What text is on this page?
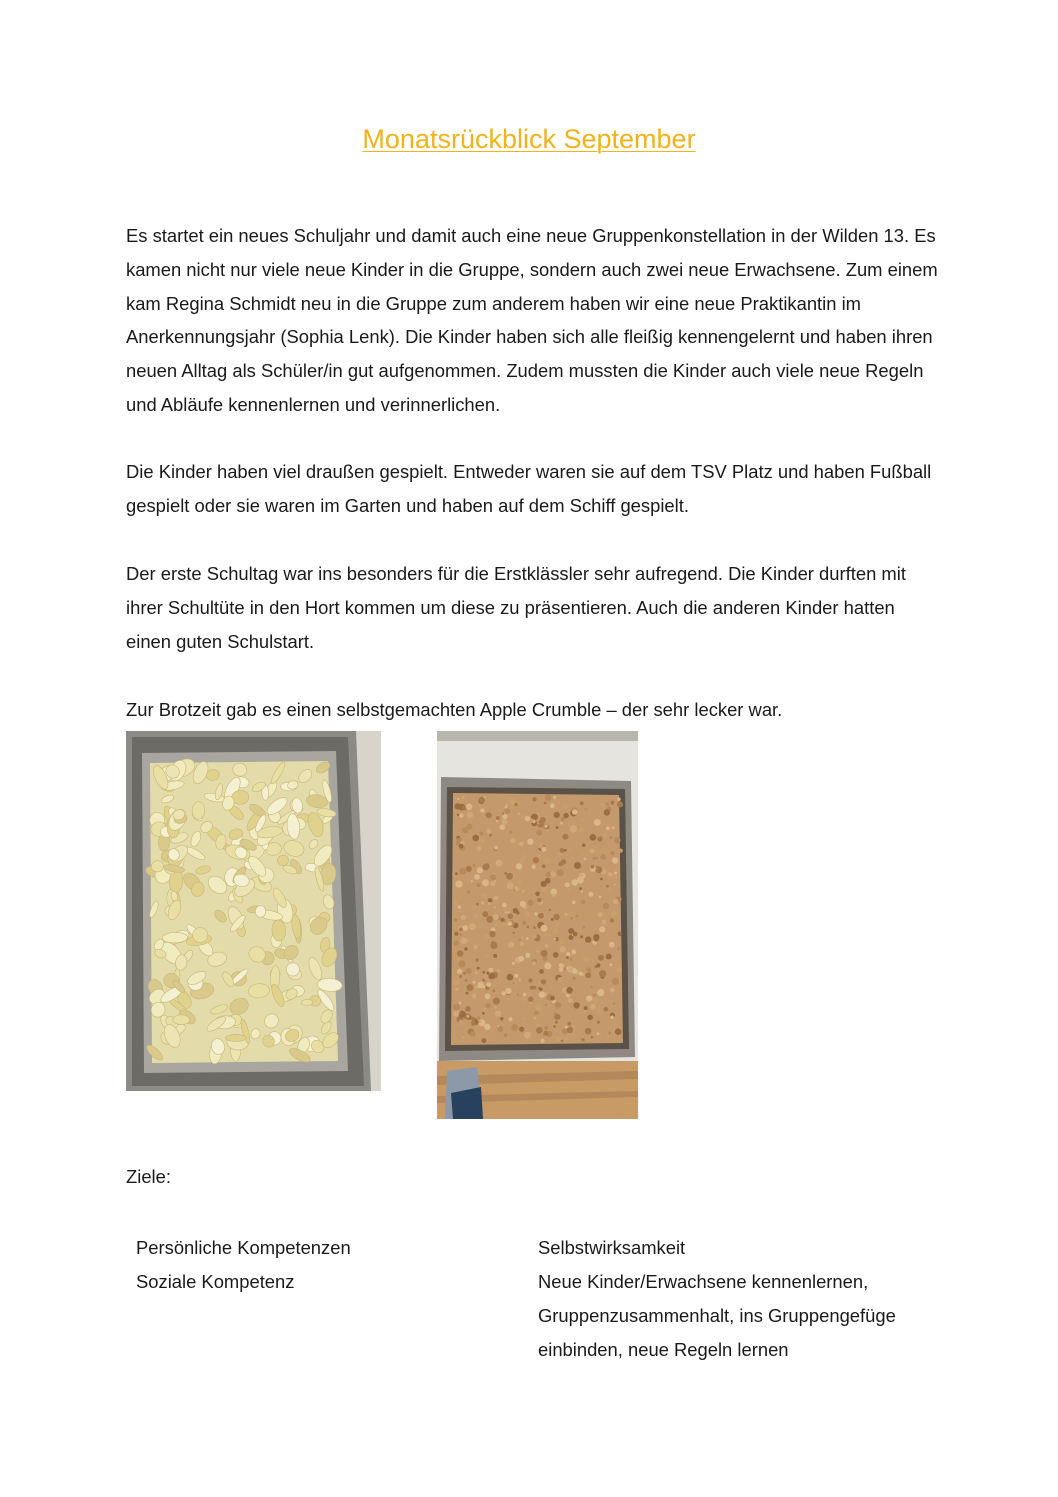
Monatsrückblick September

Es startet ein neues Schuljahr und damit auch eine neue Gruppenkonstellation in der Wilden 13. Es kamen nicht nur viele neue Kinder in die Gruppe, sondern auch zwei neue Erwachsene. Zum einem kam Regina Schmidt neu in die Gruppe zum anderem haben wir eine neue Praktikantin im Anerkennungsjahr (Sophia Lenk). Die Kinder haben sich alle fleißig kennengelernt und haben ihren neuen Alltag als Schüler/in gut aufgenommen. Zudem mussten die Kinder auch viele neue Regeln und Abläufe kennenlernen und verinnerlichen.

Die Kinder haben viel draußen gespielt. Entweder waren sie auf dem TSV Platz und haben Fußball gespielt oder sie waren im Garten und haben auf dem Schiff gespielt.

Der erste Schultag war ins besonders für die Erstklässler sehr aufregend. Die Kinder durften mit ihrer Schultüte in den Hort kommen um diese zu präsentieren. Auch die anderen Kinder hatten einen guten Schulstart.

Zur Brotzeit gab es einen selbstgemachten Apple Crumble – der sehr lecker war.

Ziele:

Persönliche Kompetenzen	Selbstwirksamkeit
Soziale Kompetenz	Neue Kinder/Erwachsene kennenlernen, Gruppenzusammenhalt, ins Gruppengefüge einbinden, neue Regeln lernen
